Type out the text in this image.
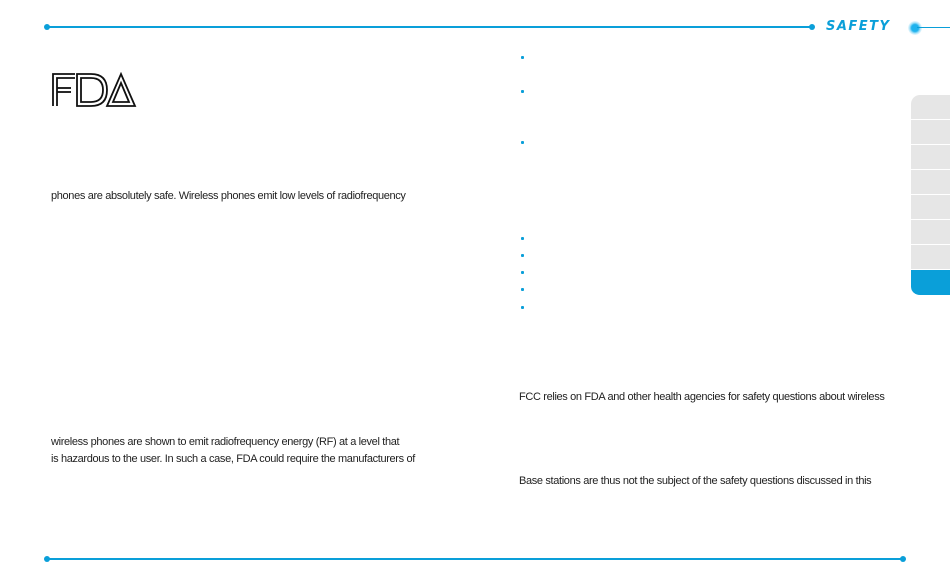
SAFETY
phones are absolutely safe. Wireless phones emit low levels of radiofrequency
wireless phones are shown to emit radiofrequency energy (RF) at a level that
is hazardous to the user. In such a case, FDA could require the manufacturers of
FCC relies on FDA and other health agencies for safety questions about wireless
Base stations are thus not the subject of the safety questions discussed in this
